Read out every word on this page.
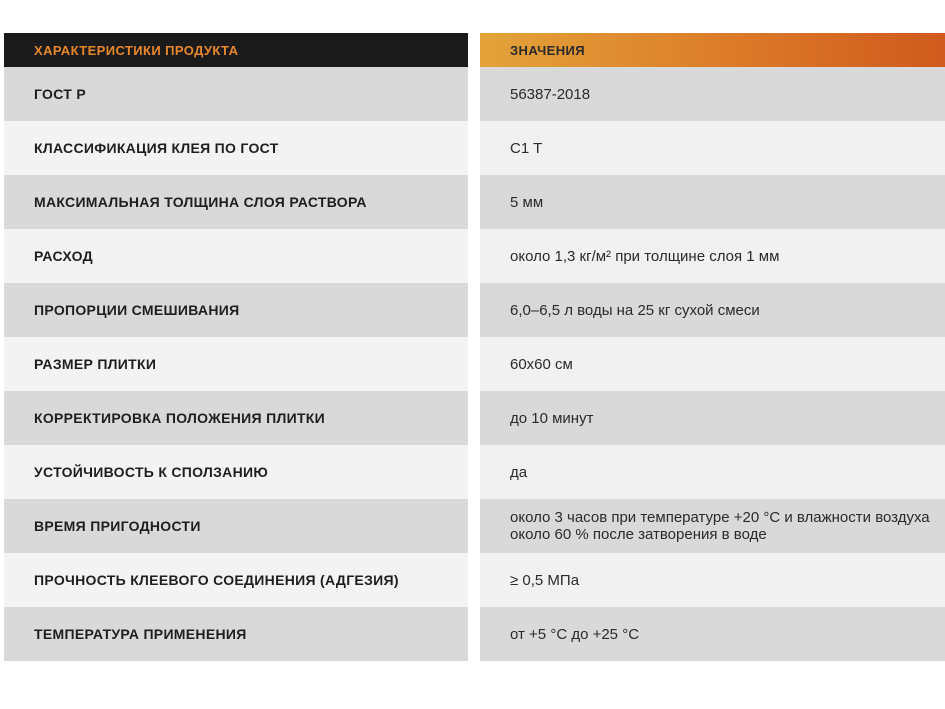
ХАРАКТЕРИСТИКИ ПРОДУКТА	ЗНАЧЕНИЯ
ГОСТ Р	56387-2018
КЛАССИФИКАЦИЯ КЛЕЯ ПО ГОСТ	C1 T
МАКСИМАЛЬНАЯ ТОЛЩИНА СЛОЯ РАСТВОРА	5 мм
РАСХОД	около 1,3 кг/м² при толщине слоя 1 мм
ПРОПОРЦИИ СМЕШИВАНИЯ	6,0–6,5 л воды на 25 кг сухой смеси
РАЗМЕР ПЛИТКИ	60х60 см
КОРРЕКТИРОВКА ПОЛОЖЕНИЯ ПЛИТКИ	до 10 минут
УСТОЙЧИВОСТЬ К СПОЛЗАНИЮ	да
ВРЕМЯ ПРИГОДНОСТИ	около 3 часов при температуре +20 °С и влажности воздуха около 60 % после затворения в воде
ПРОЧНОСТЬ КЛЕЕВОГО СОЕДИНЕНИЯ (АДГЕЗИЯ)	≥ 0,5 МПа
ТЕМПЕРАТУРА ПРИМЕНЕНИЯ	от +5 °С до +25 °С
